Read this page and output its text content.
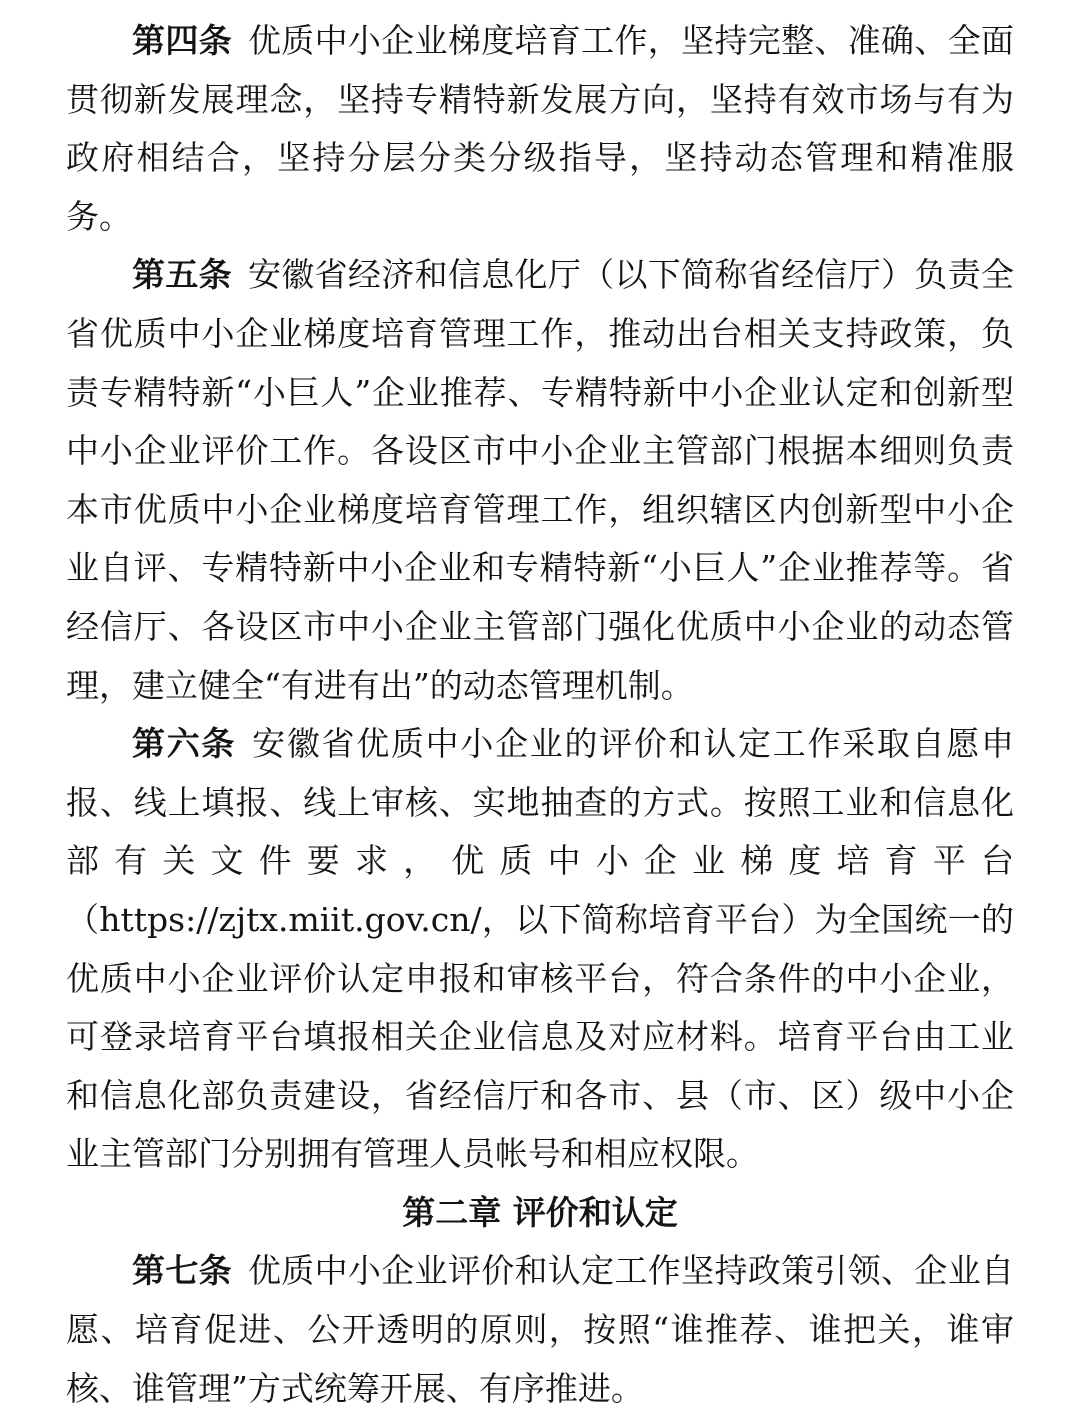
第四条 优质中小企业梯度培育工作，坚持完整、准确、全面贯彻新发展理念，坚持专精特新发展方向，坚持有效市场与有为政府相结合，坚持分层分类分级指导，坚持动态管理和精准服务。

第五条 安徽省经济和信息化厅（以下简称省经信厅）负责全省优质中小企业梯度培育管理工作，推动出台相关支持政策，负责专精特新“小巨人”企业推荐、专精特新中小企业认定和创新型中小企业评价工作。各设区市中小企业主管部门根据本细则负责本市优质中小企业梯度培育管理工作，组织辖区内创新型中小企业自评、专精特新中小企业和专精特新“小巨人”企业推荐等。省经信厅、各设区市中小企业主管部门强化优质中小企业的动态管理，建立健全“有进有出”的动态管理机制。

第六条 安徽省优质中小企业的评价和认定工作采取自愿申报、线上填报、线上审核、实地抽查的方式。按照工业和信息化部有关文件要求，优质中小企业梯度培育平台（https://zjtx.miit.gov.cn/，以下简称培育平台）为全国统一的优质中小企业评价认定申报和审核平台，符合条件的中小企业，可登录培育平台填报相关企业信息及对应材料。培育平台由工业和信息化部负责建设，省经信厅和各市、县（市、区）级中小企业主管部门分别拥有管理人员帐号和相应权限。

第二章 评价和认定

第七条 优质中小企业评价和认定工作坚持政策引领、企业自愿、培育促进、公开透明的原则，按照“谁推荐、谁把关，谁审核、谁管理”方式统筹开展、有序推进。
